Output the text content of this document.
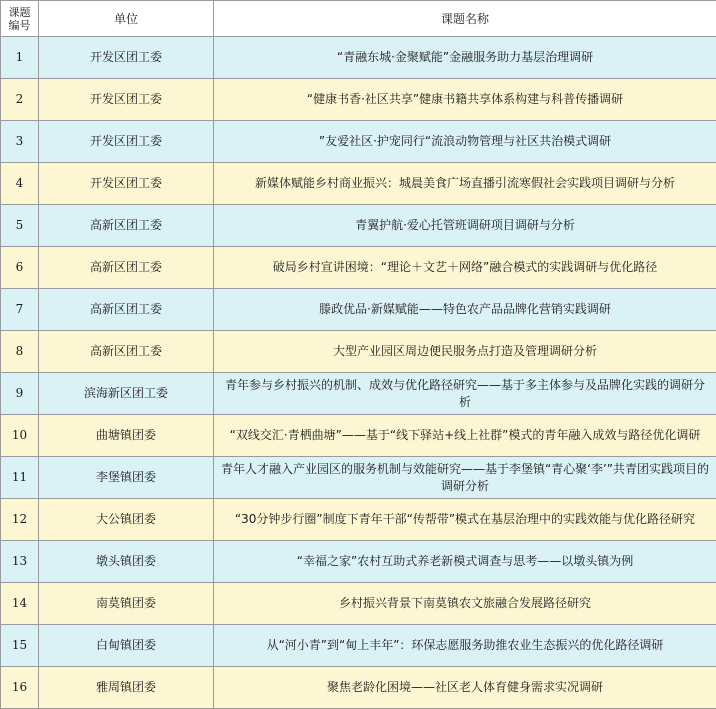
课题
编号	单位	课题名称
1	开发区团工委	“青融东城·金聚赋能”金融服务助力基层治理调研
2	开发区团工委	“健康书香·社区共享”健康书籍共享体系构建与科普传播调研
3	开发区团工委	”友爱社区·护宠同行“流浪动物管理与社区共治模式调研
4	开发区团工委	新媒体赋能乡村商业振兴：城晨美食广场直播引流寒假社会实践项目调研与分析
5	高新区团工委	青翼护航·爱心托管班调研项目调研与分析
6	高新区团工委	破局乡村宣讲困境：“理论＋文艺＋网络”融合模式的实践调研与优化路径
7	高新区团工委	滕政优品·新媒赋能——特色农产品品牌化营销实践调研
8	高新区团工委	大型产业园区周边便民服务点打造及管理调研分析
9	滨海新区团工委	青年参与乡村振兴的机制、成效与优化路径研究——基于多主体参与及品牌化实践的调研分析
10	曲塘镇团委	“双线交汇·青栖曲塘”——基于“线下驿站+线上社群”模式的青年融入成效与路径优化调研
11	李堡镇团委	青年人才融入产业园区的服务机制与效能研究——基于李堡镇“青心聚‘李’”共青团实践项目的调研分析
12	大公镇团委	“30分钟步行圈”制度下青年干部“传帮带”模式在基层治理中的实践效能与优化路径研究
13	墩头镇团委	“幸福之家”农村互助式养老新模式调查与思考——以墩头镇为例
14	南莫镇团委	乡村振兴背景下南莫镇农文旅融合发展路径研究
15	白甸镇团委	从“河小青”到“甸上丰年”：环保志愿服务助推农业生态振兴的优化路径调研
16	雅周镇团委	聚焦老龄化困境——社区老人体育健身需求实况调研
